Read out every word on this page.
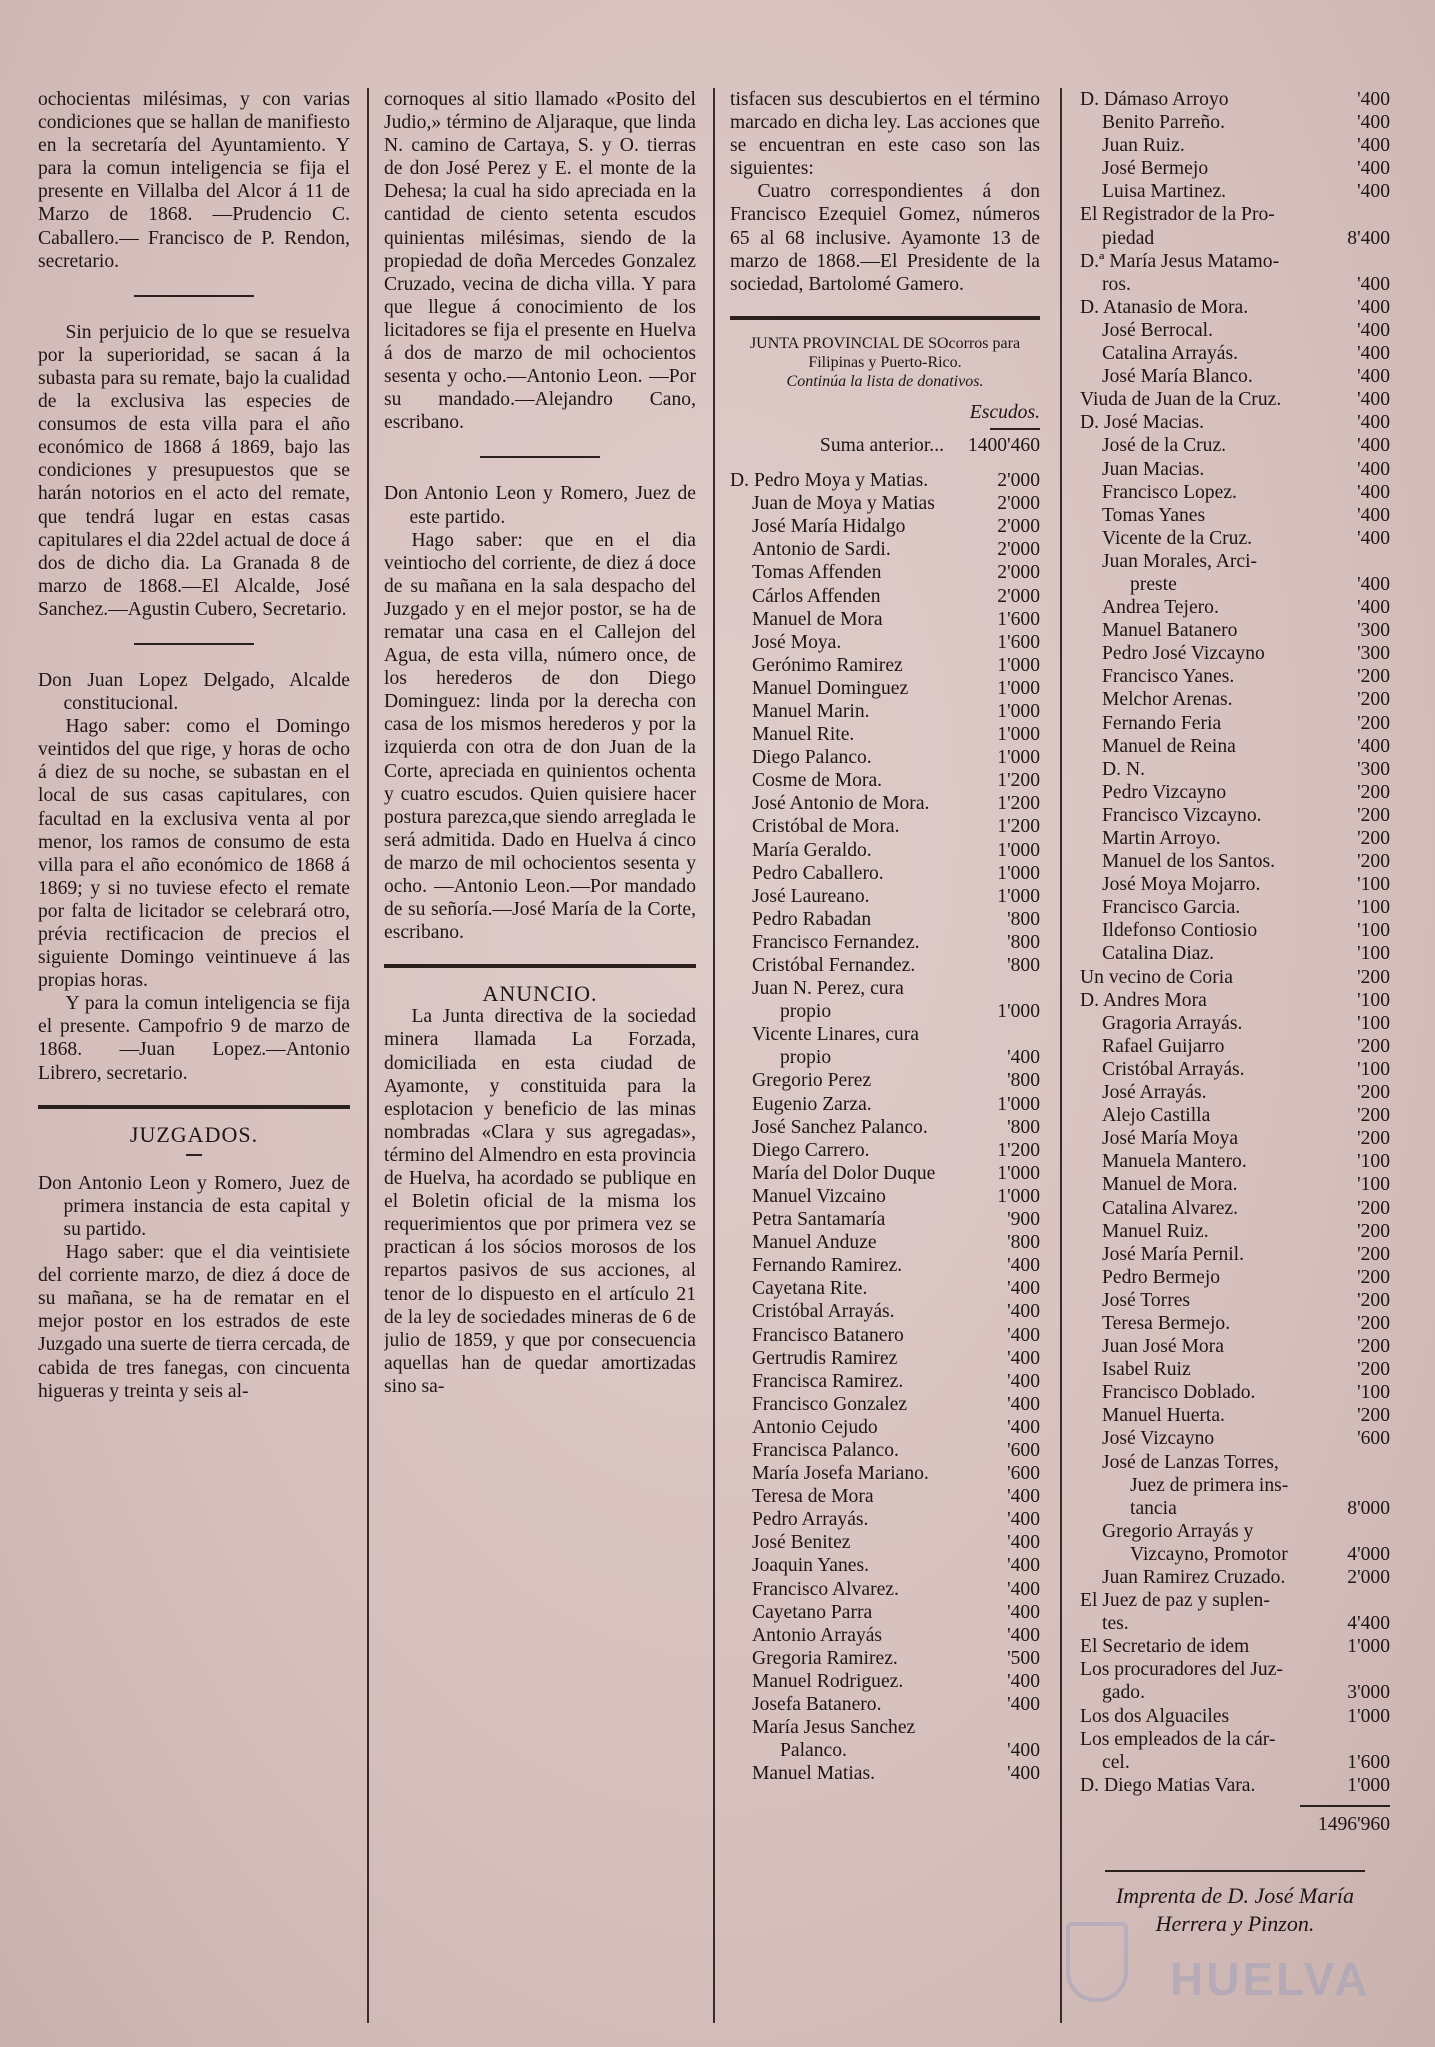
ochocientas milésimas, y con varias condiciones que se hallan de manifiesto en la secretaría del Ayuntamiento. Y para la comun inteligencia se fija el presente en Villalba del Alcor á 11 de Marzo de 1868. —Prudencio C. Caballero.— Francisco de P. Rendon, secretario.

Sin perjuicio de lo que se resuelva por la superioridad, se sacan á la subasta para su remate, bajo la cualidad de la exclusiva las especies de consumos de esta villa para el año económico de 1868 á 1869, bajo las condiciones y presupuestos que se harán notorios en el acto del remate, que tendrá lugar en estas casas capitulares el dia 22del actual de doce á dos de dicho dia. La Granada 8 de marzo de 1868.—El Alcalde, José Sanchez.—Agustin Cubero, Secretario.

Don Juan Lopez Delgado, Alcalde constitucional.

Hago saber: como el Domingo veintidos del que rige, y horas de ocho á diez de su noche, se subastan en el local de sus casas capitulares, con facultad en la exclusiva venta al por menor, los ramos de consumo de esta villa para el año económico de 1868 á 1869; y si no tuviese efecto el remate por falta de licitador se celebrará otro, prévia rectificacion de precios el siguiente Domingo veintinueve á las propias horas.

Y para la comun inteligencia se fija el presente. Campofrio 9 de marzo de 1868. —Juan Lopez.—Antonio Librero, secretario.

JUZGADOS.

Don Antonio Leon y Romero, Juez de primera instancia de esta capital y su partido.

Hago saber: que el dia veintisiete del corriente marzo, de diez á doce de su mañana, se ha de rematar en el mejor postor en los estrados de este Juzgado una suerte de tierra cercada, de cabida de tres fanegas, con cincuenta higueras y treinta y seis al-

cornoques al sitio llamado «Posito del Judio,» término de Aljaraque, que linda N. camino de Cartaya, S. y O. tierras de don José Perez y E. el monte de la Dehesa; la cual ha sido apreciada en la cantidad de ciento setenta escudos quinientas milésimas, siendo de la propiedad de doña Mercedes Gonzalez Cruzado, vecina de dicha villa. Y para que llegue á conocimiento de los licitadores se fija el presente en Huelva á dos de marzo de mil ochocientos sesenta y ocho.—Antonio Leon. —Por su mandado.—Alejandro Cano, escribano.

Don Antonio Leon y Romero, Juez de este partido.

Hago saber: que en el dia veintiocho del corriente, de diez á doce de su mañana en la sala despacho del Juzgado y en el mejor postor, se ha de rematar una casa en el Callejon del Agua, de esta villa, número once, de los herederos de don Diego Dominguez: linda por la derecha con casa de los mismos herederos y por la izquierda con otra de don Juan de la Corte, apreciada en quinientos ochenta y cuatro escudos. Quien quisiere hacer postura parezca,que siendo arreglada le será admitida. Dado en Huelva á cinco de marzo de mil ochocientos sesenta y ocho. —Antonio Leon.—Por mandado de su señoría.—José María de la Corte, escribano.

ANUNCIO.

La Junta directiva de la sociedad minera llamada La Forzada, domiciliada en esta ciudad de Ayamonte, y constituida para la esplotacion y beneficio de las minas nombradas «Clara y sus agregadas», término del Almendro en esta provincia de Huelva, ha acordado se publique en el Boletin oficial de la misma los requerimientos que por primera vez se practican á los sócios morosos de los repartos pasivos de sus acciones, al tenor de lo dispuesto en el artículo 21 de la ley de sociedades mineras de 6 de julio de 1859, y que por consecuencia aquellas han de quedar amortizadas sino sa-

tisfacen sus descubiertos en el término marcado en dicha ley. Las acciones que se encuentran en este caso son las siguientes:

Cuatro correspondientes á don Francisco Ezequiel Gomez, números 65 al 68 inclusive. Ayamonte 13 de marzo de 1868.—El Presidente de la sociedad, Bartolomé Gamero.

JUNTA PROVINCIAL DE SOcorros para Filipinas y Puerto-Rico.

Continúa la lista de donativos.

Escudos.

Suma anterior...	1400'460
D. Pedro Moya y Matias.	2'000
Juan de Moya y Matias	2'000
José María Hidalgo	2'000
Antonio de Sardi.	2'000
Tomas Affenden	2'000
Cárlos Affenden	2'000
Manuel de Mora	1'600
José Moya.	1'600
Gerónimo Ramirez	1'000
Manuel Dominguez	1'000
Manuel Marin.	1'000
Manuel Rite.	1'000
Diego Palanco.	1'000
Cosme de Mora.	1'200
José Antonio de Mora.	1'200
Cristóbal de Mora.	1'200
María Geraldo.	1'000
Pedro Caballero.	1'000
José Laureano.	1'000
Pedro Rabadan	'800
Francisco Fernandez.	'800
Cristóbal Fernandez.	'800
Juan N. Perez, cura
propio	1'000
Vicente Linares, cura
propio	'400
Gregorio Perez	'800
Eugenio Zarza.	1'000
José Sanchez Palanco.	'800
Diego Carrero.	1'200
María del Dolor Duque	1'000
Manuel Vizcaino	1'000
Petra Santamaría	'900
Manuel Anduze	'800
Fernando Ramirez.	'400
Cayetana Rite.	'400
Cristóbal Arrayás.	'400
Francisco Batanero	'400
Gertrudis Ramirez	'400
Francisca Ramirez.	'400
Francisco Gonzalez	'400
Antonio Cejudo	'400
Francisca Palanco.	'600
María Josefa Mariano.	'600
Teresa de Mora	'400
Pedro Arrayás.	'400
José Benitez	'400
Joaquin Yanes.	'400
Francisco Alvarez.	'400
Cayetano Parra	'400
Antonio Arrayás	'400
Gregoria Ramirez.	'500
Manuel Rodriguez.	'400
Josefa Batanero.	'400
María Jesus Sanchez
Palanco.	'400
Manuel Matias.	'400
D. Dámaso Arroyo	'400
Benito Parreño.	'400
Juan Ruiz.	'400
José Bermejo	'400
Luisa Martinez.	'400
El Registrador de la Pro-
piedad	8'400
D.ª María Jesus Matamo-
ros.	'400
D. Atanasio de Mora.	'400
José Berrocal.	'400
Catalina Arrayás.	'400
José María Blanco.	'400
Viuda de Juan de la Cruz.	'400
D. José Macias.	'400
José de la Cruz.	'400
Juan Macias.	'400
Francisco Lopez.	'400
Tomas Yanes	'400
Vicente de la Cruz.	'400
Juan Morales, Arci-
preste	'400
Andrea Tejero.	'400
Manuel Batanero	'300
Pedro José Vizcayno	'300
Francisco Yanes.	'200
Melchor Arenas.	'200
Fernando Feria	'200
Manuel de Reina	'400
D. N.	'300
Pedro Vizcayno	'200
Francisco Vizcayno.	'200
Martin Arroyo.	'200
Manuel de los Santos.	'200
José Moya Mojarro.	'100
Francisco Garcia.	'100
Ildefonso Contiosio	'100
Catalina Diaz.	'100
Un vecino de Coria	'200
D. Andres Mora	'100
Gragoria Arrayás.	'100
Rafael Guijarro	'200
Cristóbal Arrayás.	'100
José Arrayás.	'200
Alejo Castilla	'200
José María Moya	'200
Manuela Mantero.	'100
Manuel de Mora.	'100
Catalina Alvarez.	'200
Manuel Ruiz.	'200
José María Pernil.	'200
Pedro Bermejo	'200
José Torres	'200
Teresa Bermejo.	'200
Juan José Mora	'200
Isabel Ruiz	'200
Francisco Doblado.	'100
Manuel Huerta.	'200
José Vizcayno	'600
José de Lanzas Torres,
Juez de primera ins-
tancia	8'000
Gregorio Arrayás y
Vizcayno, Promotor	4'000
Juan Ramirez Cruzado.	2'000
El Juez de paz y suplen-
tes.	4'400
El Secretario de idem	1'000
Los procuradores del Juz-
gado.	3'000
Los dos Alguaciles	1'000
Los empleados de la cár-
cel.	1'600
D. Diego Matias Vara.	1'000
1496'960
Imprenta de D. José María Herrera y Pinzon.
HUELVA
